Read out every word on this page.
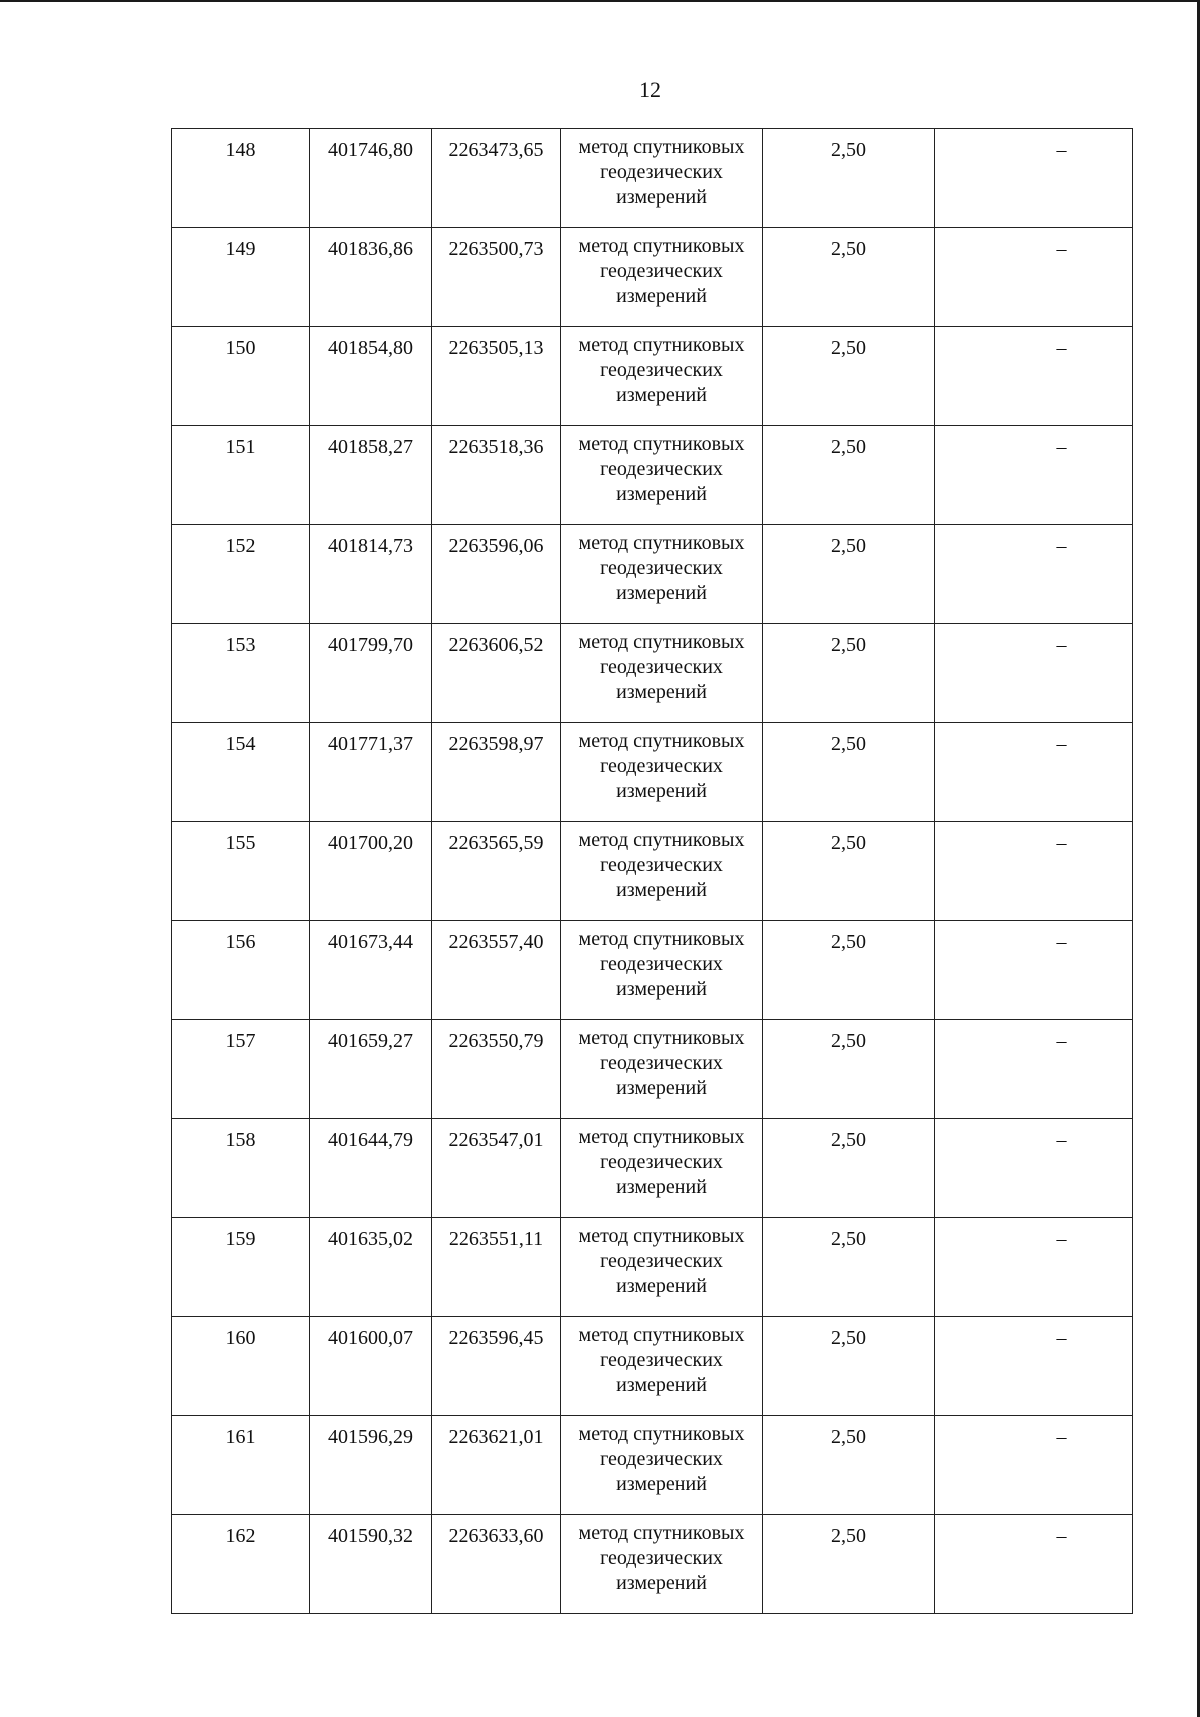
12
148	401746,80	2263473,65	метод спутниковых геодезических измерений	2,50	–
149	401836,86	2263500,73	метод спутниковых геодезических измерений	2,50	–
150	401854,80	2263505,13	метод спутниковых геодезических измерений	2,50	–
151	401858,27	2263518,36	метод спутниковых геодезических измерений	2,50	–
152	401814,73	2263596,06	метод спутниковых геодезических измерений	2,50	–
153	401799,70	2263606,52	метод спутниковых геодезических измерений	2,50	–
154	401771,37	2263598,97	метод спутниковых геодезических измерений	2,50	–
155	401700,20	2263565,59	метод спутниковых геодезических измерений	2,50	–
156	401673,44	2263557,40	метод спутниковых геодезических измерений	2,50	–
157	401659,27	2263550,79	метод спутниковых геодезических измерений	2,50	–
158	401644,79	2263547,01	метод спутниковых геодезических измерений	2,50	–
159	401635,02	2263551,11	метод спутниковых геодезических измерений	2,50	–
160	401600,07	2263596,45	метод спутниковых геодезических измерений	2,50	–
161	401596,29	2263621,01	метод спутниковых геодезических измерений	2,50	–
162	401590,32	2263633,60	метод спутниковых геодезических измерений	2,50	–
